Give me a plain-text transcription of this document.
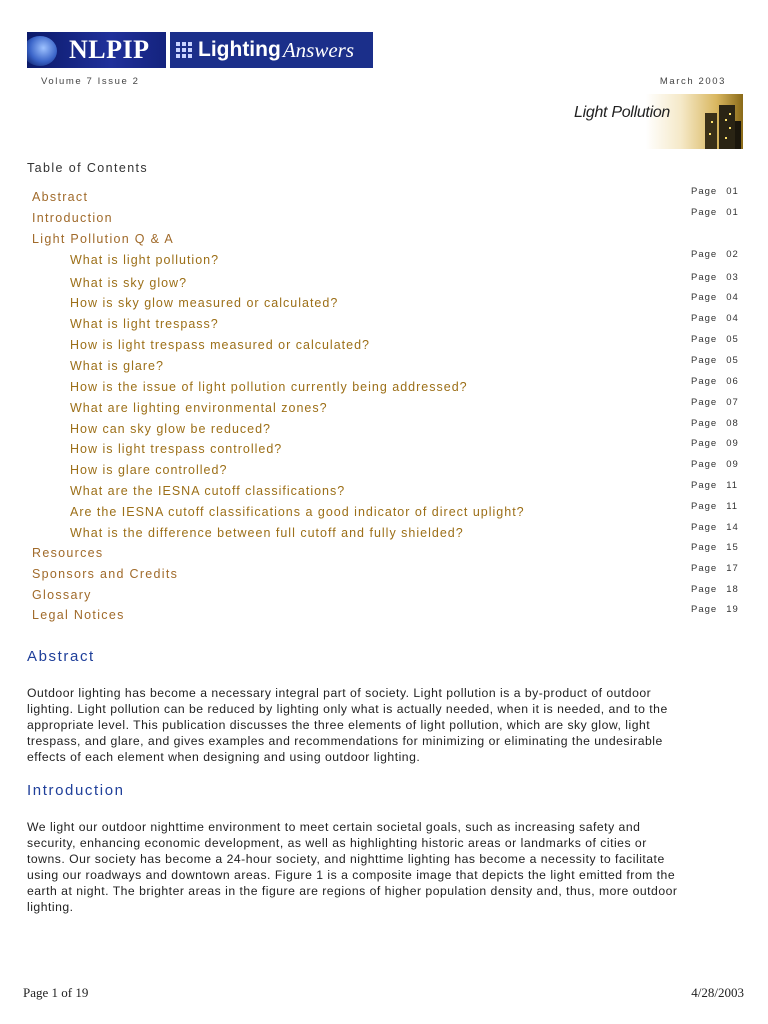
NLPIP Lighting Answers
Volume 7 Issue 2	March 2003
Light Pollution
Table of Contents
Abstract	Page 01
Introduction	Page 01
Light Pollution Q & A
What is light pollution?	Page 02
What is sky glow?	Page 03
How is sky glow measured or calculated?	Page 04
What is light trespass?	Page 04
How is light trespass measured or calculated?	Page 05
What is glare?	Page 05
How is the issue of light pollution currently being addressed?	Page 06
What are lighting environmental zones?	Page 07
How can sky glow be reduced?	Page 08
How is light trespass controlled?	Page 09
How is glare controlled?	Page 09
What are the IESNA cutoff classifications?	Page 11
Are the IESNA cutoff classifications a good indicator of direct uplight?	Page 11
What is the difference between full cutoff and fully shielded?	Page 14
Resources	Page 15
Sponsors and Credits	Page 17
Glossary	Page 18
Legal Notices	Page 19
Abstract
Outdoor lighting has become a necessary integral part of society. Light pollution is a by-product of outdoor
lighting. Light pollution can be reduced by lighting only what is actually needed, when it is needed, and to the
appropriate level. This publication discusses the three elements of light pollution, which are sky glow, light
trespass, and glare, and gives examples and recommendations for minimizing or eliminating the undesirable
effects of each element when designing and using outdoor lighting.
Introduction
We light our outdoor nighttime environment to meet certain societal goals, such as increasing safety and
security, enhancing economic development, as well as highlighting historic areas or landmarks of cities or
towns. Our society has become a 24-hour society, and nighttime lighting has become a necessity to facilitate
using our roadways and downtown areas. Figure 1 is a composite image that depicts the light emitted from the
earth at night. The brighter areas in the figure are regions of higher population density and, thus, more outdoor
lighting.
Page 1 of 19	4/28/2003
